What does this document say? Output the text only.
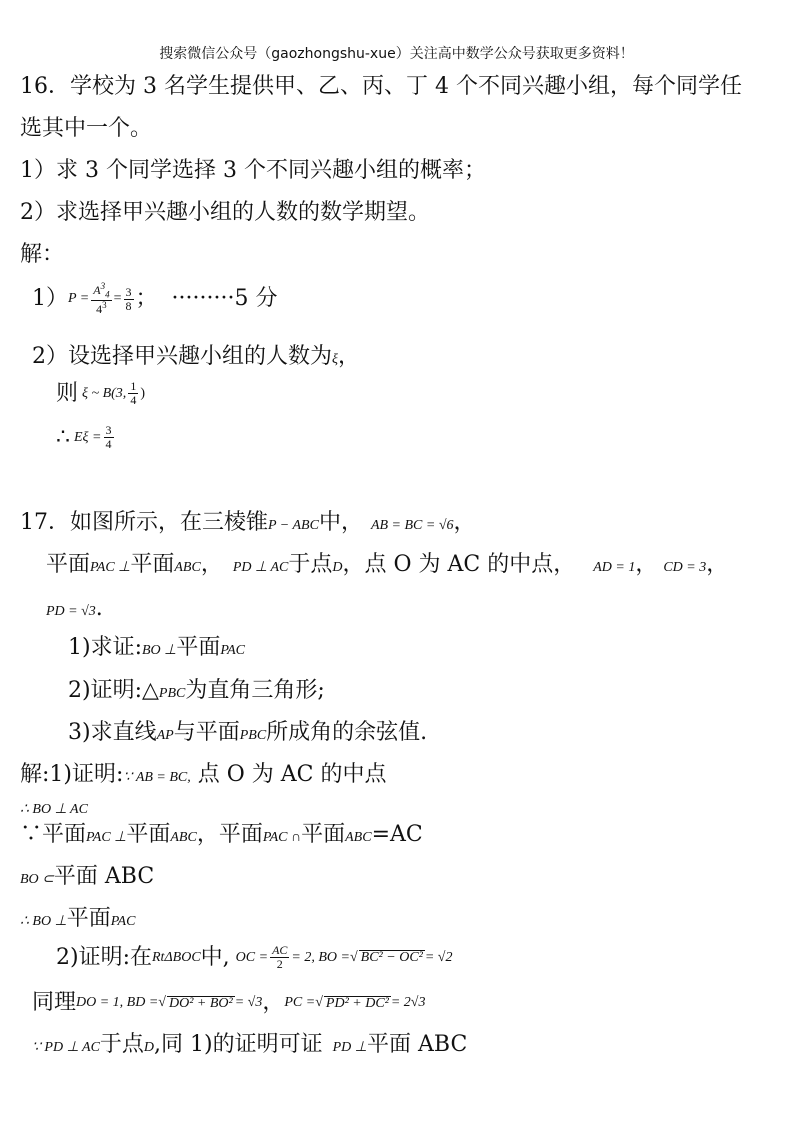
搜索微信公众号（gaozhongshu-xue）关注高中数学公众号获取更多资料！
16．学校为 3 名学生提供甲、乙、丙、丁 4 个不同兴趣小组，每个同学任
选其中一个。
1）求 3 个同学选择 3 个不同兴趣小组的概率；
2）求选择甲兴趣小组的人数的数学期望。
解：
1） $P = \frac{A^3_4}{4^3} = \frac{3}{8}$ ； ·········5 分
2）设选择甲兴趣小组的人数为ξ，
则 ξ ~ B(3, $\frac{1}{4}$ )
∴ $E\xi = \frac{3}{4}$
17．如图所示，在三棱锥P − ABC中， AB = BC = √6，
平面PAC ⊥平面ABC， PD ⊥ AC于点D，点 O 为 AC 的中点， AD = 1， CD = 3，
PD = √3.
1)求证:BO ⊥平面PAC
2)证明:△PBC为直角三角形;
3)求直线AP与平面PBC所成角的余弦值.
解:1)证明:∵ AB = BC, 点 O 为 AC 的中点
∴ BO ⊥ AC
∵平面PAC ⊥平面ABC，平面PAC ∩平面ABC=AC
BO ⊂平面 ABC
∴ BO ⊥平面PAC
2)证明:在 RtΔBOC 中, OC = $\frac{AC}{2} = 2$, BO = √ BC² − OC² = √2
同理 DO = 1, BD = √ DO² + BO² = √3 ， PC = √ PD² + DC² = 2√3
∵ PD ⊥ AC于点D,同 1)的证明可证 PD ⊥平面 ABC
